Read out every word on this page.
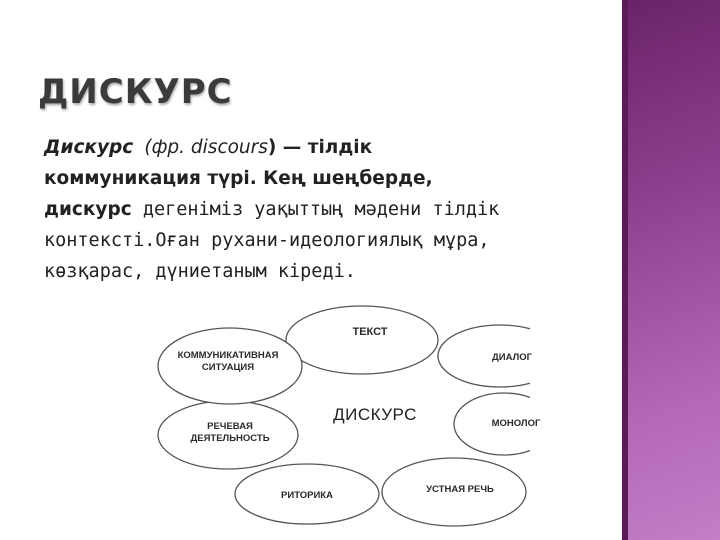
ДИСКУРС
Дискурс (фр. discours) — тілдік
коммуникация түрі. Кең шеңберде,
дискурс дегеніміз уақыттың мәдени тілдік
контексті.Оған рухани-идеологиялық мұра,
көзқарас, дүниетаным кіреді.
ТЕКСТ
ДИАЛОГ
МОНОЛОГ
УСТНАЯ РЕЧЬ
РИТОРИКА
РЕЧЕВАЯ
ДЕЯТЕЛЬНОСТЬ
КОММУНИКАТИВНАЯ
СИТУАЦИЯ
ДИСКУРС
